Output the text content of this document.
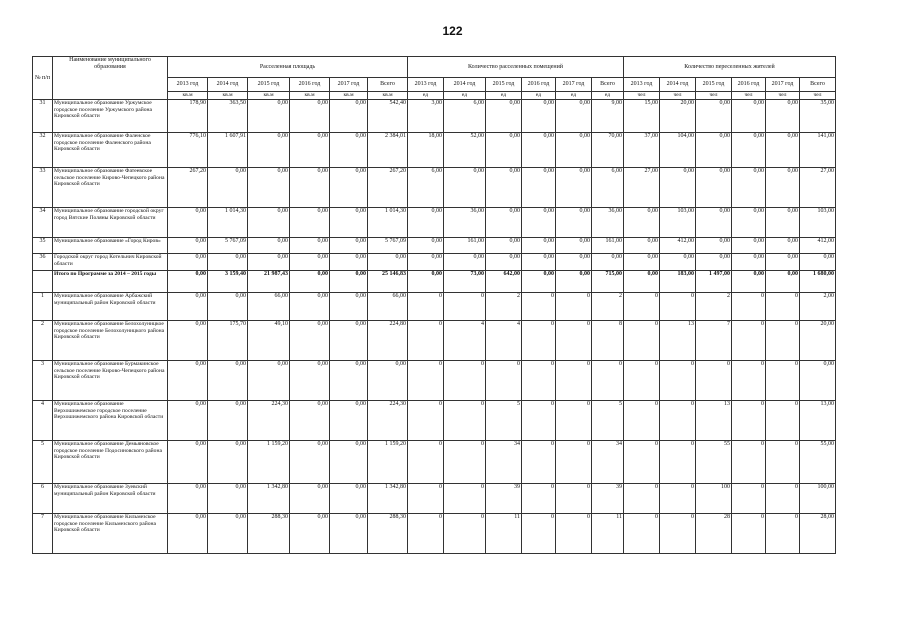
122
№ п/п	Наименование муниципального образования	Расселенная площадь						Количество расселенных помещений						Количество переселенных жителей					
		2013 год	2014 год	2015 год	2016 год	2017 год	Всего	2013 год	2014 год	2015 год	2016 год	2017 год	Всего	2013 год	2014 год	2015 год	2016 год	2017 год	Всего
		кв.м	кв.м	кв.м	кв.м	кв.м	кв.м	ед	ед	ед	ед	ед	ед	чел	чел	чел	чел	чел	чел
31	Муниципальное образование Уржумское городское поселение Уржумского района Кировской области	178,90	363,50	0,00	0,00	0,00	542,40	3,00	6,00	0,00	0,00	0,00	9,00	15,00	20,00	0,00	0,00	0,00	35,00
32	Муниципальное образование Фаленское городское поселение Фаленского района Кировской области	776,10	1 607,91	0,00	0,00	0,00	2 384,01	18,00	52,00	0,00	0,00	0,00	70,00	37,00	104,00	0,00	0,00	0,00	141,00
33	Муниципальное образование Фатеевское сельское поселение Кирово-Чепецкого района Кировской области	267,20	0,00	0,00	0,00	0,00	267,20	6,00	0,00	0,00	0,00	0,00	6,00	27,00	0,00	0,00	0,00	0,00	27,00
34	Муниципальное образование городской округ город Вятские Поляны Кировской области	0,00	1 014,30	0,00	0,00	0,00	1 014,30	0,00	36,00	0,00	0,00	0,00	36,00	0,00	103,00	0,00	0,00	0,00	103,00
35	Муниципальное образование «Город Киров»	0,00	5 767,09	0,00	0,00	0,00	5 767,09	0,00	161,00	0,00	0,00	0,00	161,00	0,00	412,00	0,00	0,00	0,00	412,00
36	Городской округ город Котельнич Кировской области	0,00	0,00	0,00	0,00	0,00	0,00	0,00	0,00	0,00	0,00	0,00	0,00	0,00	0,00	0,00	0,00	0,00	0,00
	Итого по Программе за 2014 – 2015 годы	0,00	3 159,40	21 987,43	0,00	0,00	25 146,83	0,00	73,00	642,00	0,00	0,00	715,00	0,00	183,00	1 497,00	0,00	0,00	1 680,00
1	Муниципальное образование Арбажский муниципальный район Кировской области	0,00	0,00	66,00	0,00	0,00	66,00	0	0	2	0	0	2	0	0	2	0	0	2,00
2	Муниципальное образование Белохолуницкое городское поселение Белохолуницкого района Кировской области	0,00	175,70	49,10	0,00	0,00	224,80	0	4	4	0	0	8	0	13	7	0	0	20,00
3	Муниципальное образование Бурмакинское сельское поселение Кирово-Чепецкого района Кировской области	0,00	0,00	0,00	0,00	0,00	0,00	0	0	0	0	0	0	0	0	0	0	0	0,00
4	Муниципальное образование Верхошижемское городское поселение Верхошижемского района Кировской области	0,00	0,00	224,30	0,00	0,00	224,30	0	0	5	0	0	5	0	0	13	0	0	13,00
5	Муниципальное образование Демьяновское городское поселение Подосиновского района Кировской области	0,00	0,00	1 159,20	0,00	0,00	1 159,20	0	0	34	0	0	34	0	0	55	0	0	55,00
6	Муниципальное образование Зуевский муниципальный район Кировской области	0,00	0,00	1 342,80	0,00	0,00	1 342,80	0	0	39	0	0	39	0	0	100	0	0	100,00
7	Муниципальное образование Кильмезское городское поселение Кильмезского района Кировской области	0,00	0,00	288,30	0,00	0,00	288,30	0	0	11	0	0	11	0	0	28	0	0	28,00
